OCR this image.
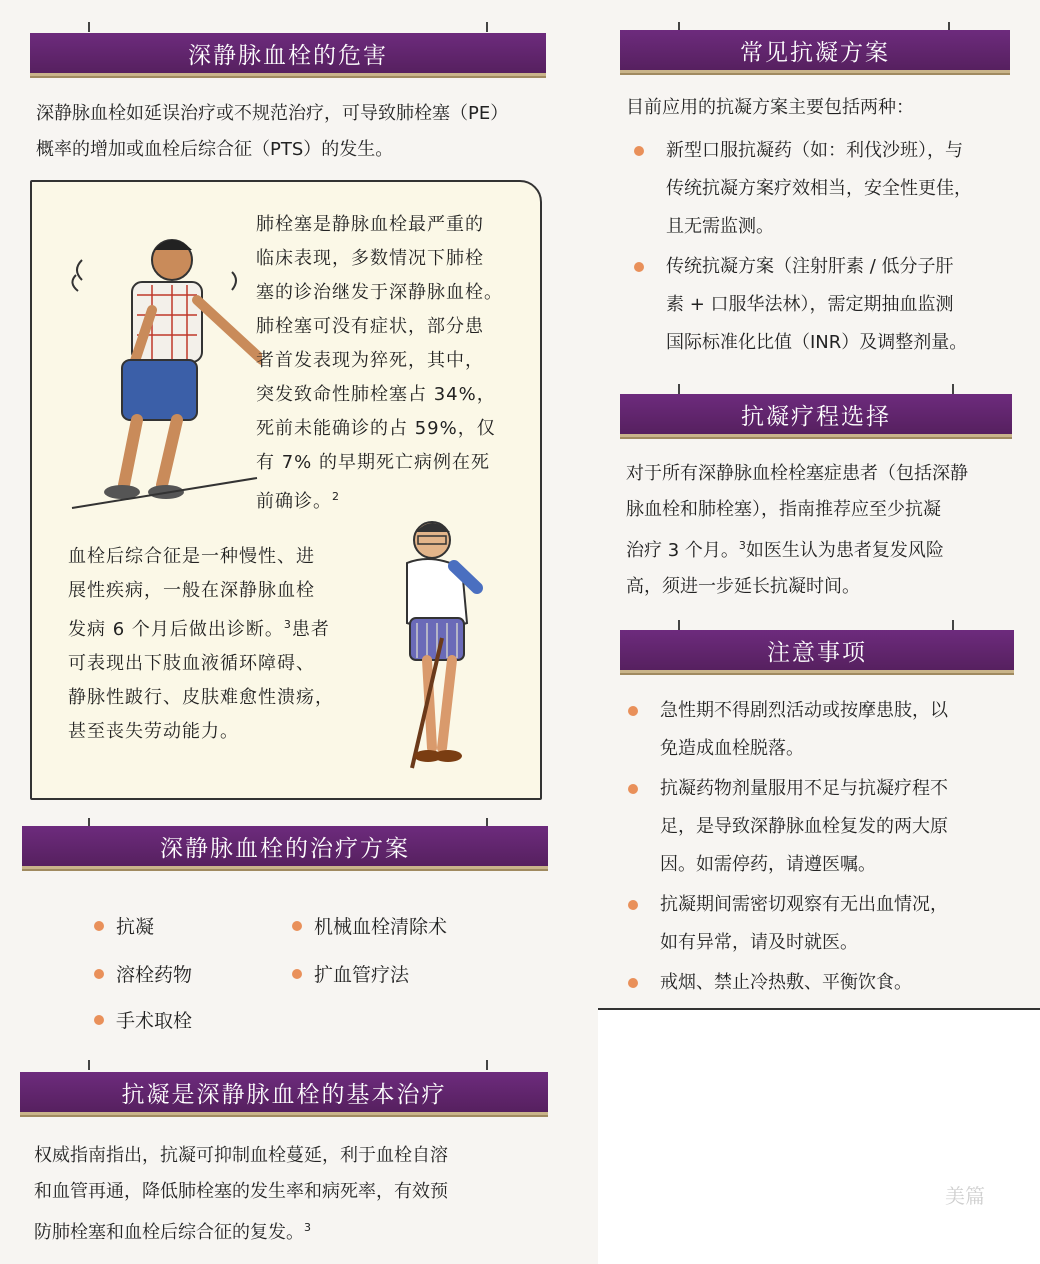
深静脉血栓的危害
深静脉血栓如延误治疗或不规范治疗，可导致肺栓塞（PE）
概率的增加或血栓后综合征（PTS）的发生。
肺栓塞是静脉血栓最严重的
临床表现，多数情况下肺栓
塞的诊治继发于深静脉血栓。
肺栓塞可没有症状，部分患
者首发表现为猝死，其中，
突发致命性肺栓塞占 34%，
死前未能确诊的占 59%，仅
有 7% 的早期死亡病例在死
前确诊。$^2$
血栓后综合征是一种慢性、进
展性疾病，一般在深静脉血栓
发病 6 个月后做出诊断。$^3$患者
可表现出下肢血液循环障碍、
静脉性跛行、皮肤难愈性溃疡，
甚至丧失劳动能力。
深静脉血栓的治疗方案
抗凝	机械血栓清除术
溶栓药物	扩血管疗法
手术取栓
抗凝是深静脉血栓的基本治疗
权威指南指出，抗凝可抑制血栓蔓延，利于血栓自溶
和血管再通，降低肺栓塞的发生率和病死率，有效预
防肺栓塞和血栓后综合征的复发。$^3$
常见抗凝方案
目前应用的抗凝方案主要包括两种：
新型口服抗凝药（如：利伐沙班），与
传统抗凝方案疗效相当，安全性更佳，
且无需监测。
传统抗凝方案（注射肝素 / 低分子肝
素 + 口服华法林），需定期抽血监测
国际标准化比值（INR）及调整剂量。
抗凝疗程选择
对于所有深静脉血栓栓塞症患者（包括深静
脉血栓和肺栓塞），指南推荐应至少抗凝
治疗 3 个月。$^3$如医生认为患者复发风险
高，须进一步延长抗凝时间。
注意事项
急性期不得剧烈活动或按摩患肢，以
免造成血栓脱落。
抗凝药物剂量服用不足与抗凝疗程不
足，是导致深静脉血栓复发的两大原
因。如需停药，请遵医嘱。
抗凝期间需密切观察有无出血情况，
如有异常，请及时就医。
戒烟、禁止冷热敷、平衡饮食。
美篇
